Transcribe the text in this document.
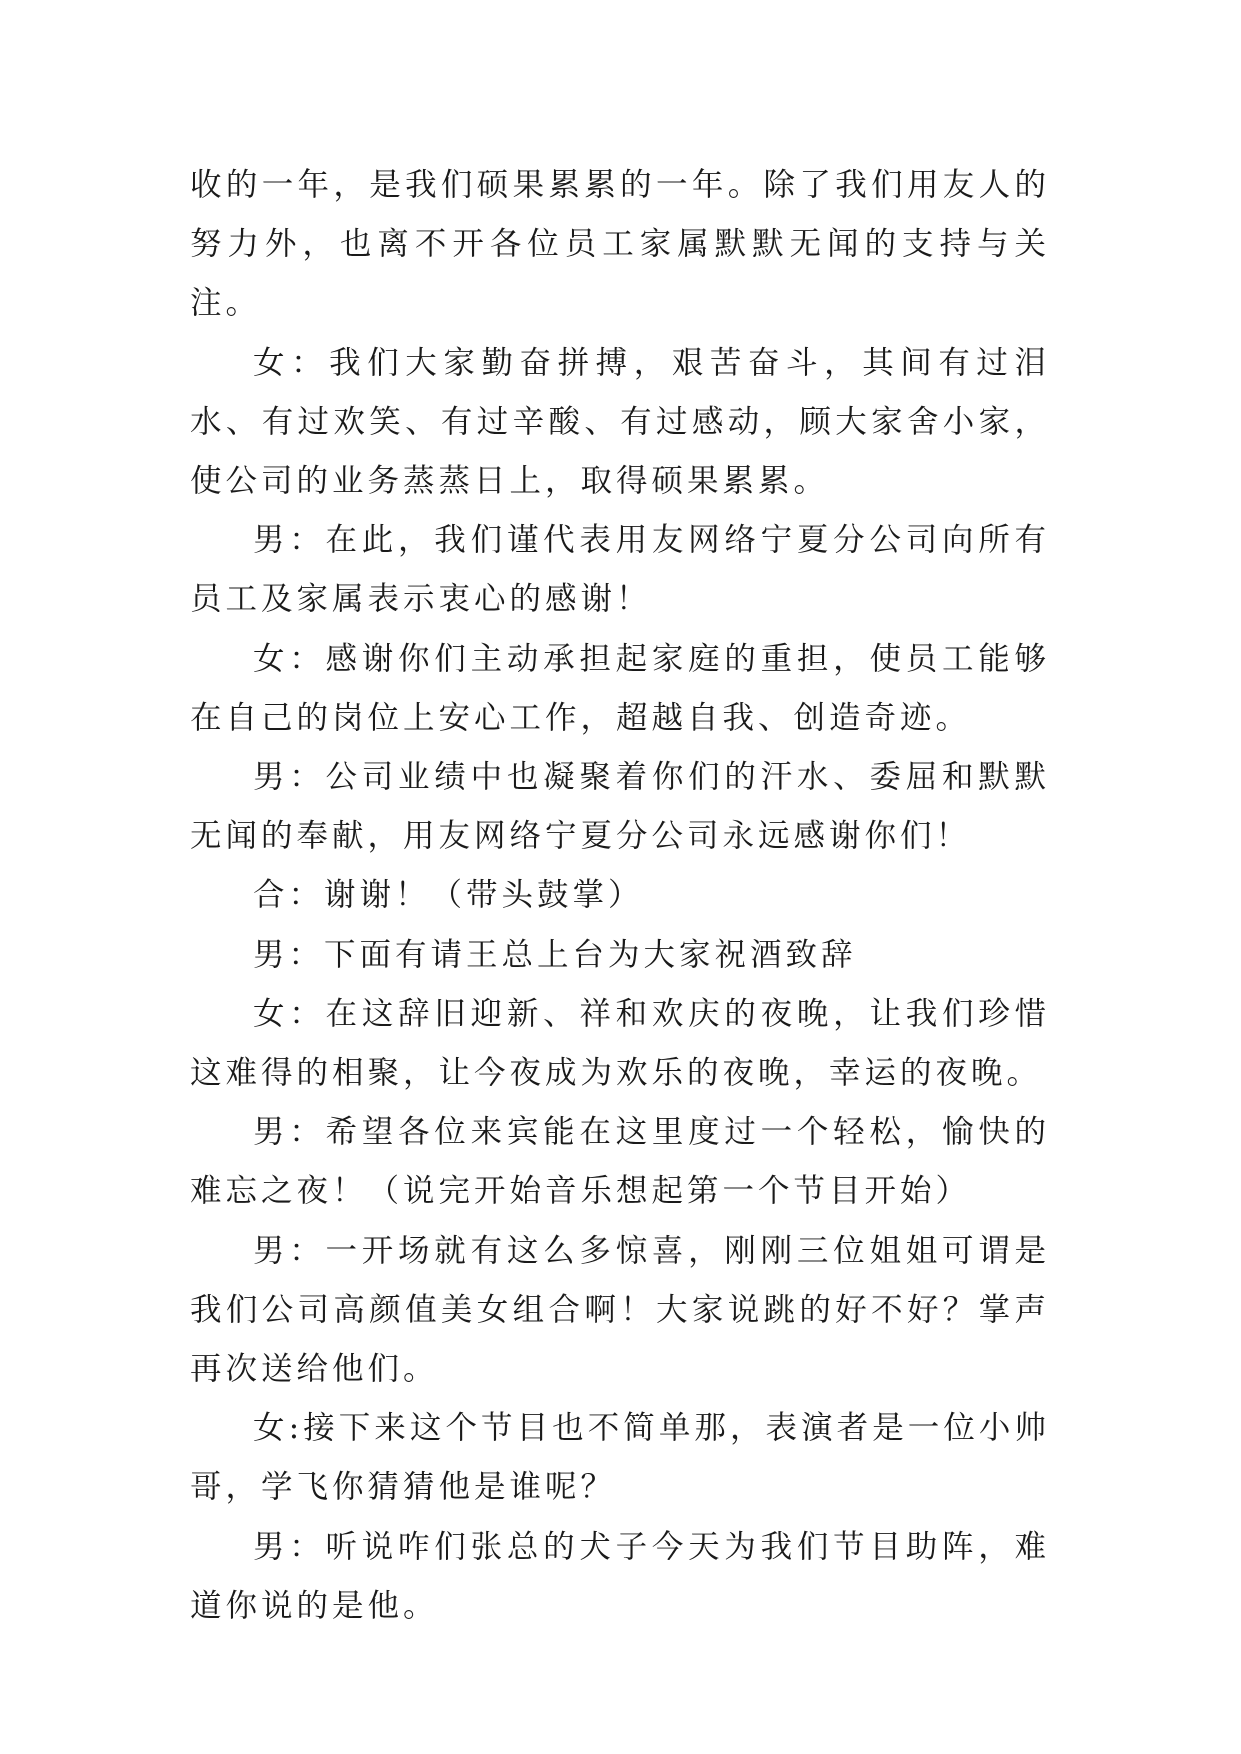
收的一年，是我们硕果累累的一年。除了我们用友人的努力外，也离不开各位员工家属默默无闻的支持与关注。

女：我们大家勤奋拼搏，艰苦奋斗，其间有过泪水、有过欢笑、有过辛酸、有过感动，顾大家舍小家，使公司的业务蒸蒸日上，取得硕果累累。

男：在此，我们谨代表用友网络宁夏分公司向所有员工及家属表示衷心的感谢！

女：感谢你们主动承担起家庭的重担，使员工能够在自己的岗位上安心工作，超越自我、创造奇迹。

男：公司业绩中也凝聚着你们的汗水、委屈和默默无闻的奉献，用友网络宁夏分公司永远感谢你们！

合：谢谢！（带头鼓掌）

男：下面有请王总上台为大家祝酒致辞

女：在这辞旧迎新、祥和欢庆的夜晚，让我们珍惜这难得的相聚，让今夜成为欢乐的夜晚，幸运的夜晚。

男：希望各位来宾能在这里度过一个轻松，愉快的难忘之夜！（说完开始音乐想起第一个节目开始）

男：一开场就有这么多惊喜，刚刚三位姐姐可谓是我们公司高颜值美女组合啊！大家说跳的好不好？掌声再次送给他们。

女:接下来这个节目也不简单那，表演者是一位小帅哥，学飞你猜猜他是谁呢？

男：听说咋们张总的犬子今天为我们节目助阵，难道你说的是他。
